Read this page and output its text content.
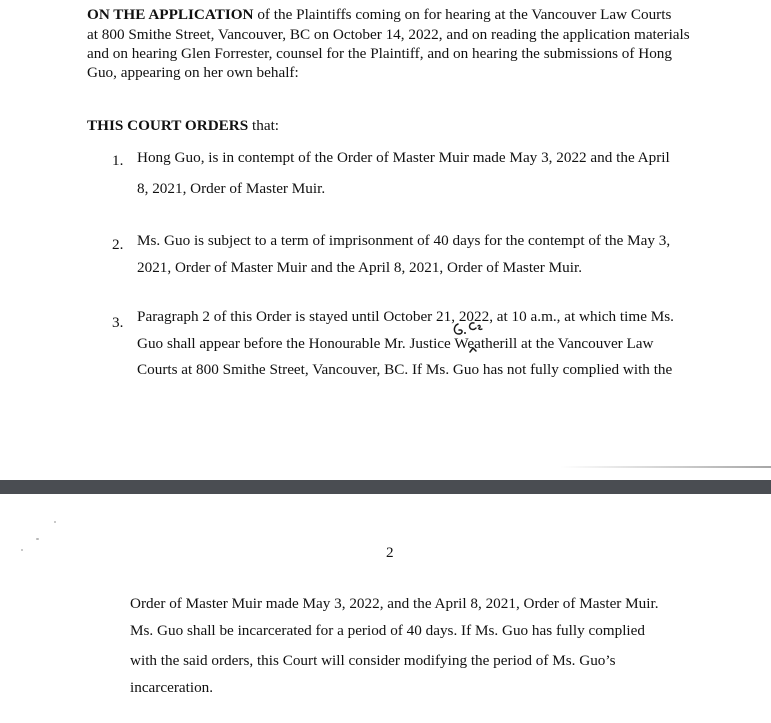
ON THE APPLICATION of the Plaintiffs coming on for hearing at the Vancouver Law Courts
at 800 Smithe Street, Vancouver, BC on October 14, 2022, and on reading the application materials
and on hearing Glen Forrester, counsel for the Plaintiff, and on hearing the submissions of Hong
Guo, appearing on her own behalf:
THIS COURT ORDERS that:
1. Hong Guo, is in contempt of the Order of Master Muir made May 3, 2022 and the April
8, 2021, Order of Master Muir.
2. Ms. Guo is subject to a term of imprisonment of 40 days for the contempt of the May 3,
2021, Order of Master Muir and the April 8, 2021, Order of Master Muir.
3. Paragraph 2 of this Order is stayed until October 21, 2022, at 10 a.m., at which time Ms.
Guo shall appear before the Honourable Mr. Justice Weatherill at the Vancouver Law
Courts at 800 Smithe Street, Vancouver, BC. If Ms. Guo has not fully complied with the
2
Order of Master Muir made May 3, 2022, and the April 8, 2021, Order of Master Muir.
Ms. Guo shall be incarcerated for a period of 40 days. If Ms. Guo has fully complied
with the said orders, this Court will consider modifying the period of Ms. Guo’s
incarceration.
